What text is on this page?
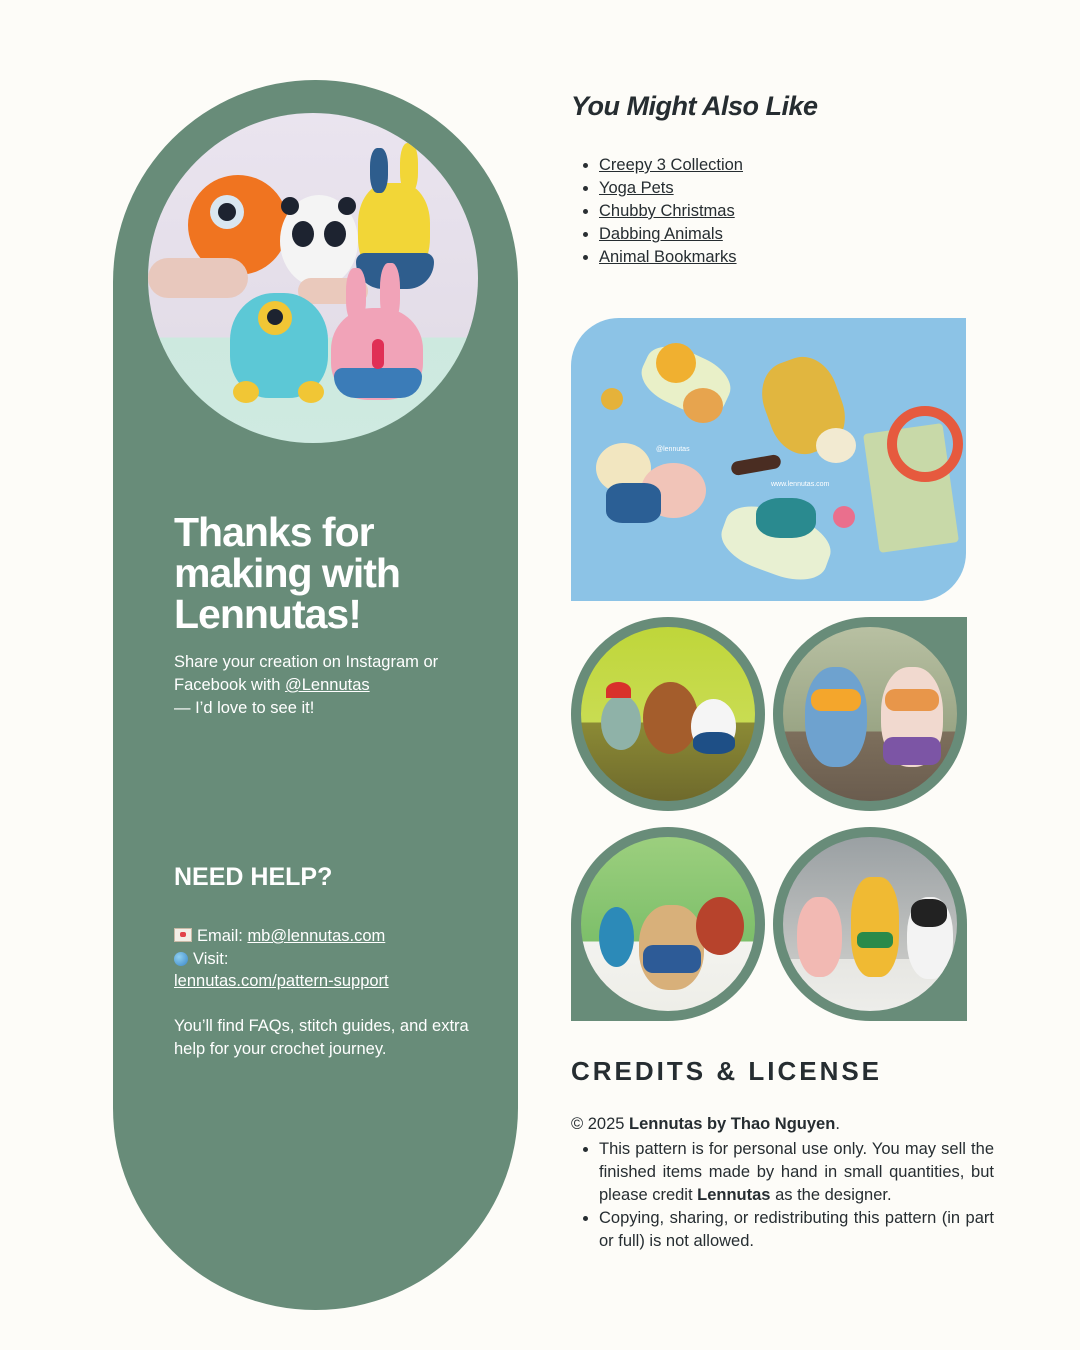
Thanks for making with Lennutas!
Share your creation on Instagram or Facebook with @Lennutas
— I’d love to see it!
NEED HELP?
Email: mb@lennutas.com
Visit:
lennutas.com/pattern-support
You’ll find FAQs, stitch guides, and extra help for your crochet journey.
You Might Also Like
• Creepy 3 Collection
• Yoga Pets
• Chubby Christmas
• Dabbing Animals
• Animal Bookmarks
@lennutas
www.lennutas.com
CREDITS & LICENSE
© 2025 Lennutas by Thao Nguyen.
• This pattern is for personal use only. You may sell the finished items made by hand in small quantities, but please credit Lennutas as the designer.
• Copying, sharing, or redistributing this pattern (in part or full) is not allowed.
